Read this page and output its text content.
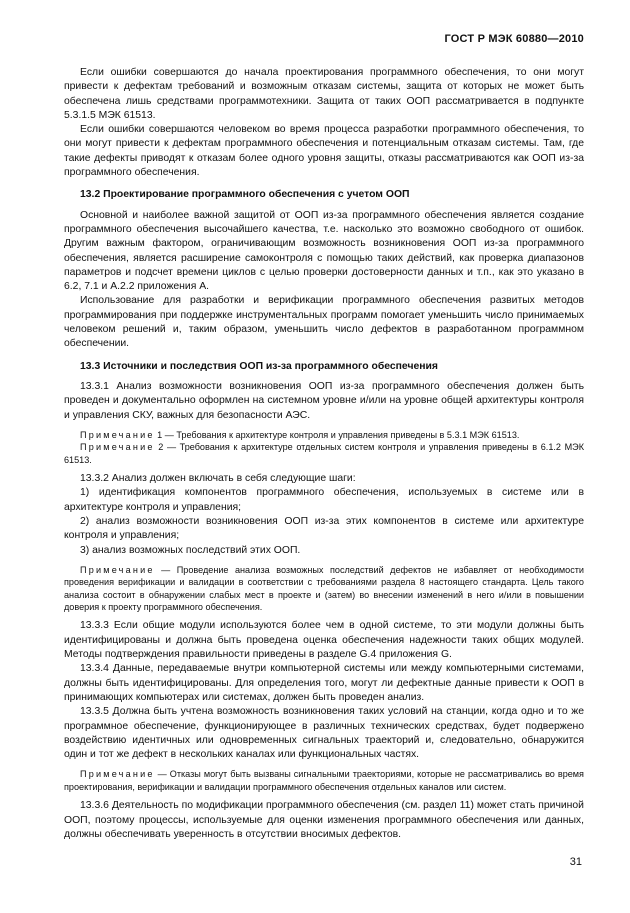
ГОСТ Р МЭК 60880—2010

Если ошибки совершаются до начала проектирования программного обеспечения, то они могут привести к дефектам требований и возможным отказам системы, защита от которых не может быть обеспечена лишь средствами программотехники. Защита от таких ООП рассматривается в подпункте 5.3.1.5 МЭК 61513.

Если ошибки совершаются человеком во время процесса разработки программного обеспечения, то они могут привести к дефектам программного обеспечения и потенциальным отказам системы. Там, где такие дефекты приводят к отказам более одного уровня защиты, отказы рассматриваются как ООП из-за программного обеспечения.

13.2 Проектирование программного обеспечения с учетом ООП

Основной и наиболее важной защитой от ООП из-за программного обеспечения является создание программного обеспечения высочайшего качества, т.е. насколько это возможно свободного от ошибок. Другим важным фактором, ограничивающим возможность возникновения ООП из-за программного обеспечения, является расширение самоконтроля с помощью таких действий, как проверка диапазонов параметров и подсчет времени циклов с целью проверки достоверности данных и т.п., как это указано в 6.2, 7.1 и А.2.2 приложения А.

Использование для разработки и верификации программного обеспечения развитых методов программирования при поддержке инструментальных программ помогает уменьшить число принимаемых человеком решений и, таким образом, уменьшить число дефектов в разработанном программном обеспечении.

13.3 Источники и последствия ООП из-за программного обеспечения

13.3.1 Анализ возможности возникновения ООП из-за программного обеспечения должен быть проведен и документально оформлен на системном уровне и/или на уровне общей архитектуры контроля и управления СКУ, важных для безопасности АЭС.

Примечание 1 — Требования к архитектуре контроля и управления приведены в 5.3.1 МЭК 61513.

Примечание 2 — Требования к архитектуре отдельных систем контроля и управления приведены в 6.1.2 МЭК 61513.

13.3.2 Анализ должен включать в себя следующие шаги:

1) идентификация компонентов программного обеспечения, используемых в системе или в архитектуре контроля и управления;

2) анализ возможности возникновения ООП из-за этих компонентов в системе или архитектуре контроля и управления;

3) анализ возможных последствий этих ООП.

Примечание — Проведение анализа возможных последствий дефектов не избавляет от необходимости проведения верификации и валидации в соответствии с требованиями раздела 8 настоящего стандарта. Цель такого анализа состоит в обнаружении слабых мест в проекте и (затем) во внесении изменений в него и/или в повышении доверия к проекту программного обеспечения.

13.3.3 Если общие модули используются более чем в одной системе, то эти модули должны быть идентифицированы и должна быть проведена оценка обеспечения надежности таких общих модулей. Методы подтверждения правильности приведены в разделе G.4 приложения G.

13.3.4 Данные, передаваемые внутри компьютерной системы или между компьютерными системами, должны быть идентифицированы. Для определения того, могут ли дефектные данные привести к ООП в принимающих компьютерах или системах, должен быть проведен анализ.

13.3.5 Должна быть учтена возможность возникновения таких условий на станции, когда одно и то же программное обеспечение, функционирующее в различных технических средствах, будет подвержено воздействию идентичных или одновременных сигнальных траекторий и, следовательно, обнаружится один и тот же дефект в нескольких каналах или функциональных частях.

Примечание — Отказы могут быть вызваны сигнальными траекториями, которые не рассматривались во время проектирования, верификации и валидации программного обеспечения отдельных каналов или систем.

13.3.6 Деятельность по модификации программного обеспечения (см. раздел 11) может стать причиной ООП, поэтому процессы, используемые для оценки изменения программного обеспечения или данных, должны обеспечивать уверенность в отсутствии вносимых дефектов.

31
